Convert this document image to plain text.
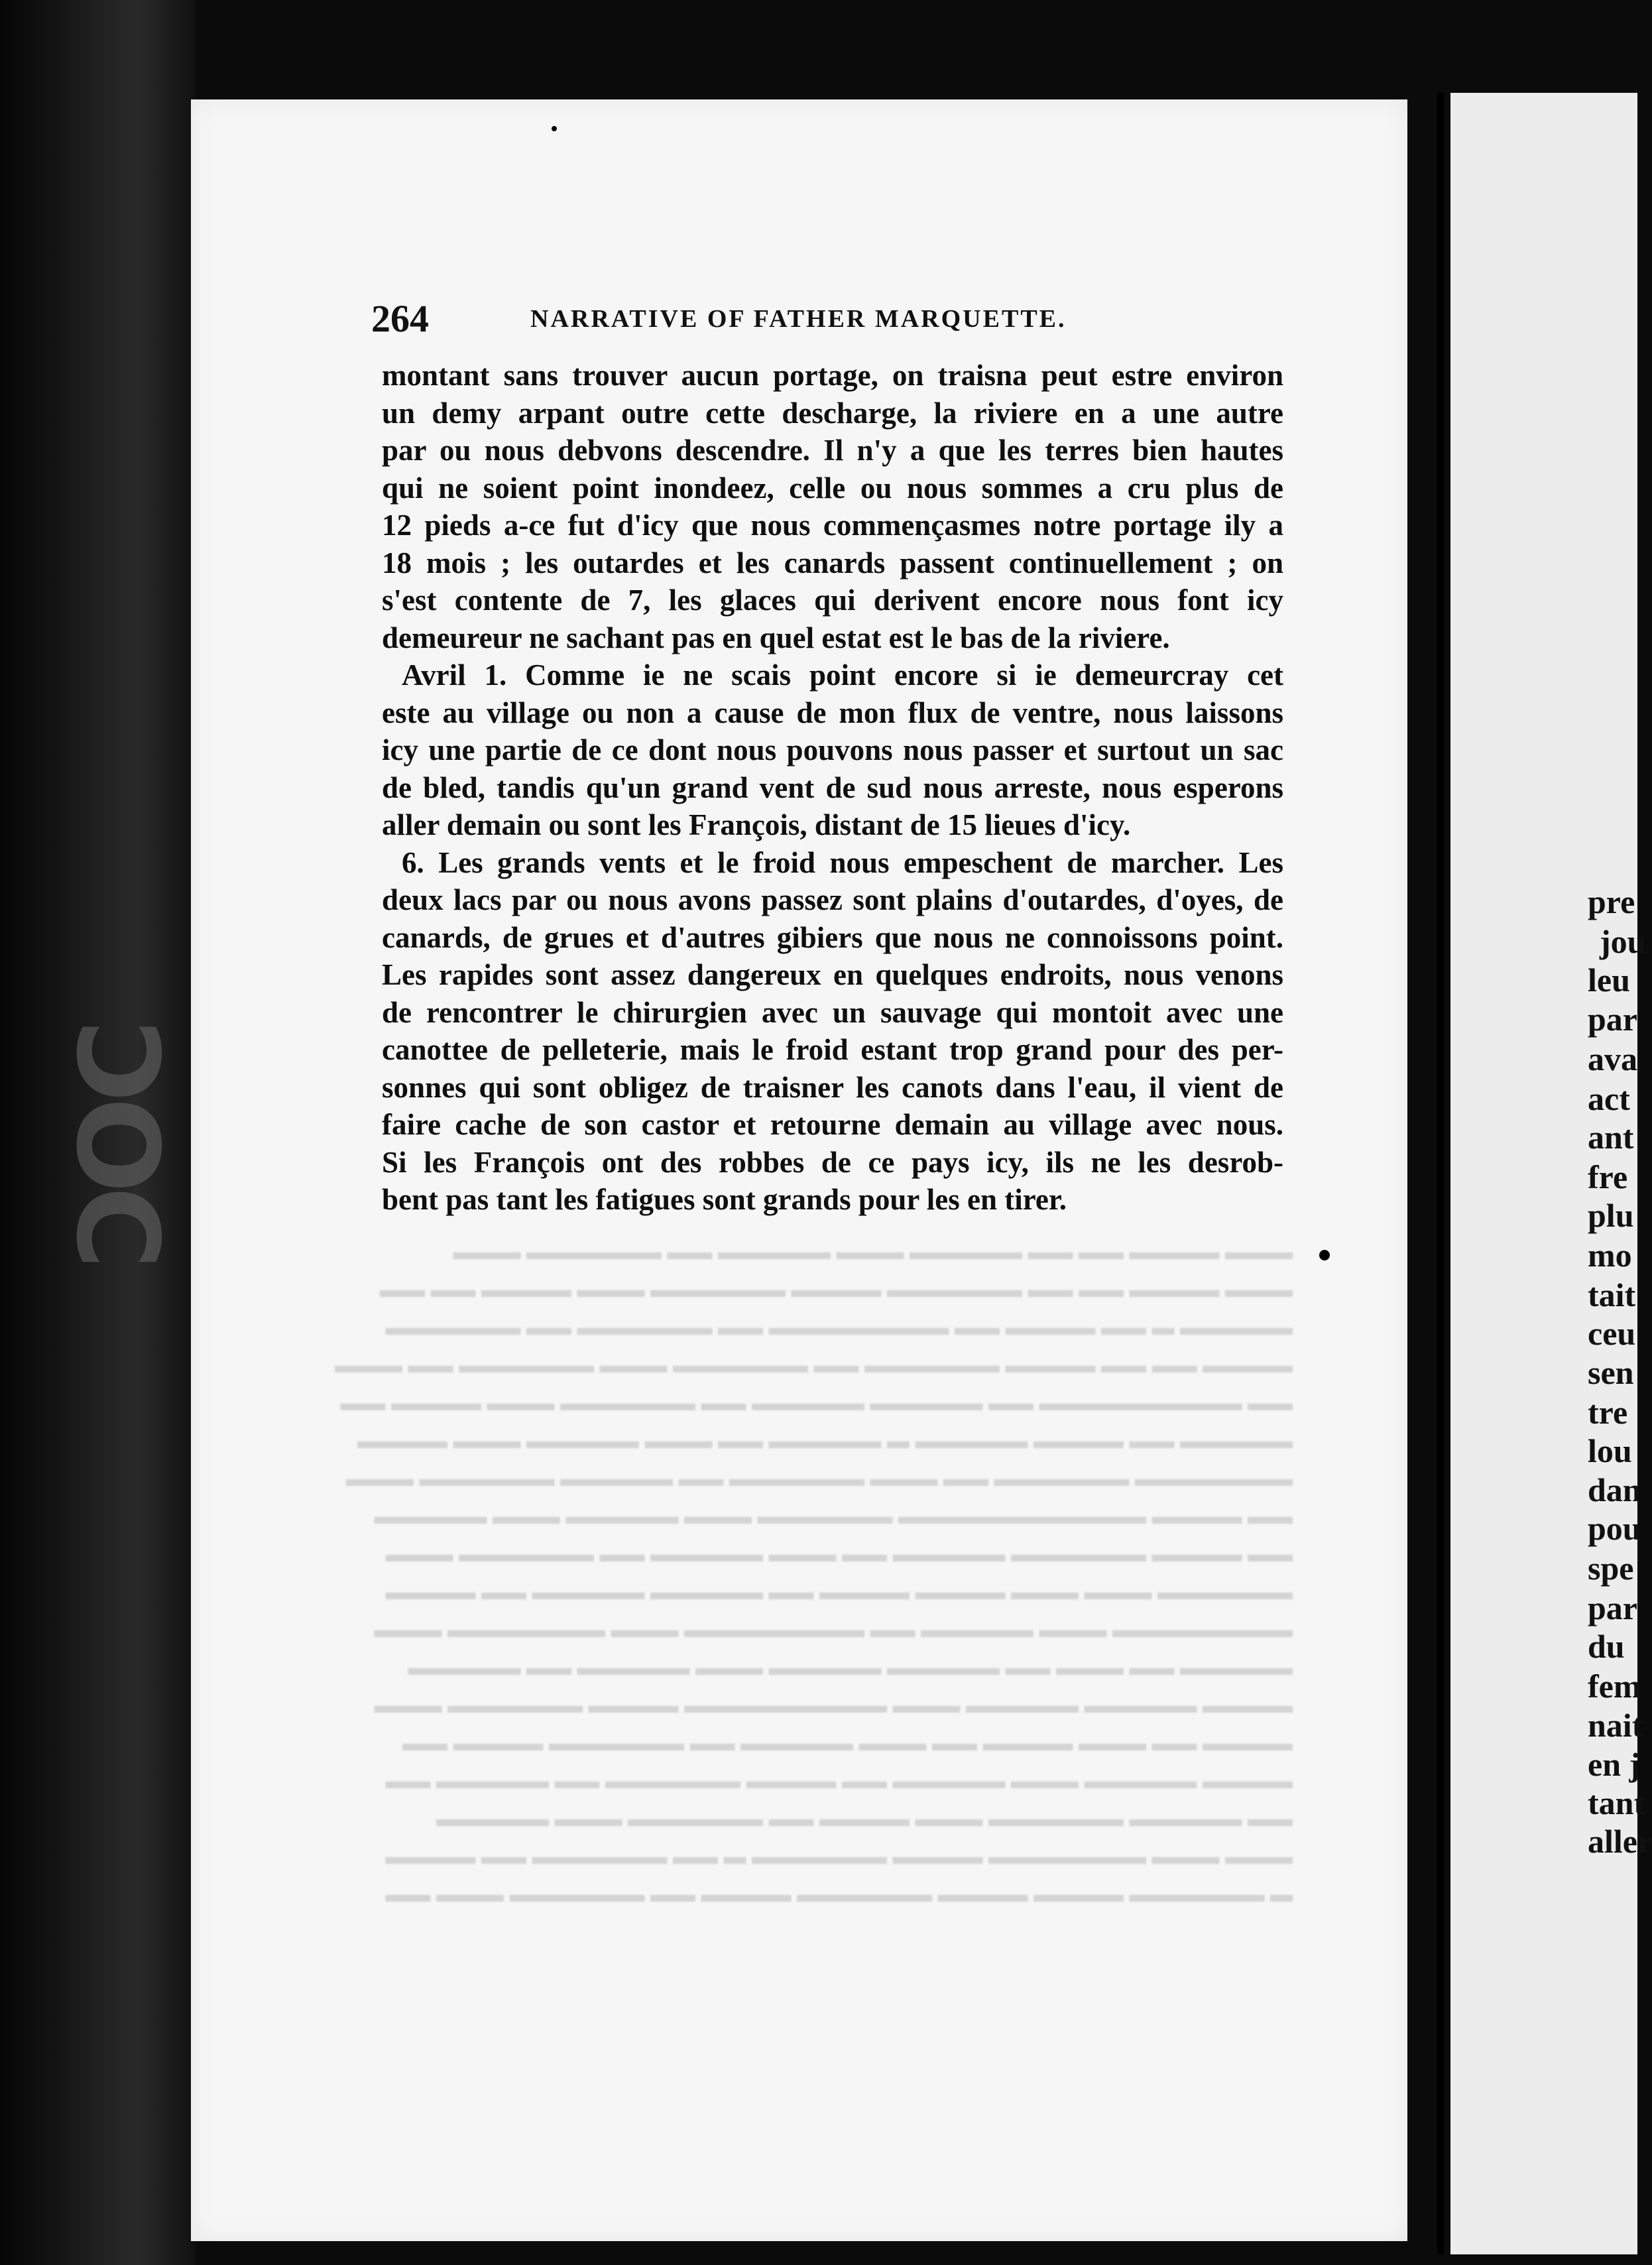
ƆOC
pre
jou
leu
par
ava
act
ant
fre
plu
mo
tait
ceu
sen
tre
lou
dan
pou
spe
par
du
fem
nait
en j
tant
aller
▬▬▬ ▬▬▬▬ ▬▬ ▬▬ ▬▬▬▬▬ ▬▬▬ ▬▬▬▬▬ ▬▬ ▬▬▬▬▬▬ ▬▬▬
▬▬▬ ▬▬▬▬ ▬▬ ▬▬ ▬▬▬▬▬▬ ▬▬▬▬ ▬▬▬▬▬▬ ▬▬▬ ▬▬▬▬ ▬▬ ▬▬
▬▬▬▬▬ ▬ ▬▬ ▬▬▬▬ ▬▬ ▬▬▬▬▬▬▬▬ ▬▬ ▬▬▬▬▬▬ ▬▬ ▬▬▬▬▬▬
▬▬▬▬ ▬▬ ▬▬ ▬▬▬▬ ▬▬▬▬▬▬ ▬▬ ▬▬▬▬▬▬ ▬▬▬ ▬▬▬▬▬▬ ▬▬ ▬▬▬
▬▬ ▬▬▬▬▬▬▬▬▬ ▬▬ ▬▬▬▬▬ ▬▬▬▬▬ ▬▬ ▬▬▬▬▬▬ ▬▬▬ ▬▬▬▬ ▬▬
▬▬▬▬▬ ▬▬ ▬▬▬▬ ▬▬▬▬▬ ▬ ▬▬▬▬▬ ▬▬ ▬▬▬ ▬▬▬▬▬ ▬▬▬ ▬▬▬▬
▬▬▬▬▬▬▬ ▬▬▬▬▬▬ ▬▬ ▬▬▬ ▬▬▬▬▬▬ ▬▬ ▬▬▬▬▬ ▬▬▬▬▬▬ ▬▬▬
▬▬ ▬▬▬▬ ▬▬▬▬▬▬▬▬▬▬▬ ▬▬▬▬▬▬ ▬▬▬ ▬▬▬▬▬ ▬▬▬ ▬▬▬▬▬
▬▬ ▬▬▬▬ ▬▬▬▬▬▬ ▬▬▬▬▬ ▬▬ ▬▬▬ ▬▬▬▬▬ ▬▬ ▬▬▬▬▬▬ ▬▬▬
▬▬▬▬▬▬ ▬▬▬ ▬▬▬ ▬▬▬▬ ▬▬▬▬ ▬▬ ▬▬▬▬▬ ▬▬▬▬▬ ▬▬ ▬▬▬▬
▬▬▬▬▬▬▬▬ ▬▬▬ ▬▬▬▬▬ ▬▬ ▬▬▬▬▬▬▬▬ ▬▬▬ ▬▬▬▬▬▬▬ ▬▬▬
▬▬▬▬▬ ▬▬ ▬▬▬ ▬▬ ▬▬▬▬▬ ▬▬▬▬▬ ▬▬▬ ▬▬▬▬▬ ▬▬ ▬▬▬▬▬
▬▬▬▬ ▬▬▬▬▬ ▬▬▬▬▬ ▬▬▬ ▬▬▬▬▬▬▬▬▬ ▬▬▬▬ ▬▬▬▬▬▬ ▬▬▬
▬▬▬▬ ▬▬ ▬▬▬ ▬▬▬▬ ▬▬ ▬▬▬ ▬▬▬▬▬ ▬▬ ▬▬▬▬▬▬ ▬▬▬▬ ▬▬
▬▬▬▬ ▬▬▬▬▬ ▬▬▬ ▬▬▬▬▬ ▬▬ ▬▬▬▬ ▬▬▬▬▬▬ ▬▬ ▬▬▬▬▬ ▬▬
▬▬ ▬▬▬▬▬ ▬▬▬▬▬▬ ▬▬▬ ▬▬▬▬ ▬▬ ▬▬▬▬▬▬ ▬▬▬ ▬▬▬▬▬
▬▬▬ ▬▬▬ ▬▬▬▬▬▬▬ ▬▬▬▬ ▬▬▬▬▬▬ ▬ ▬▬ ▬▬▬▬▬▬ ▬▬ ▬▬▬▬
▬ ▬▬▬▬▬▬ ▬▬▬▬ ▬▬▬▬ ▬▬▬▬▬▬ ▬▬▬▬ ▬▬ ▬▬▬▬▬▬ ▬▬▬ ▬▬
264	NARRATIVE OF FATHER MARQUETTE.
montant sans trouver aucun portage, on traisna peut estre environ
un demy arpant outre cette descharge, la riviere en a une autre
par ou nous debvons descendre. Il n'y a que les terres bien hautes
qui ne soient point inondeez, celle ou nous sommes a cru plus de
12 pieds a-ce fut d'icy que nous commençasmes notre portage ily a
18 mois ; les outardes et les canards passent continuellement ; on
s'est contente de 7, les glaces qui derivent encore nous font icy
demeureur ne sachant pas en quel estat est le bas de la riviere.
Avril 1. Comme ie ne scais point encore si ie demeurcray cet
este au village ou non a cause de mon flux de ventre, nous laissons
icy une partie de ce dont nous pouvons nous passer et surtout un sac
de bled, tandis qu'un grand vent de sud nous arreste, nous esperons
aller demain ou sont les François, distant de 15 lieues d'icy.
6. Les grands vents et le froid nous empeschent de marcher. Les
deux lacs par ou nous avons passez sont plains d'outardes, d'oyes, de
canards, de grues et d'autres gibiers que nous ne connoissons point.
Les rapides sont assez dangereux en quelques endroits, nous venons
de rencontrer le chirurgien avec un sauvage qui montoit avec une
canottee de pelleterie, mais le froid estant trop grand pour des per-
sonnes qui sont obligez de traisner les canots dans l'eau, il vient de
faire cache de son castor et retourne demain au village avec nous.
Si les François ont des robbes de ce pays icy, ils ne les desrob-
bent pas tant les fatigues sont grands pour les en tirer.
